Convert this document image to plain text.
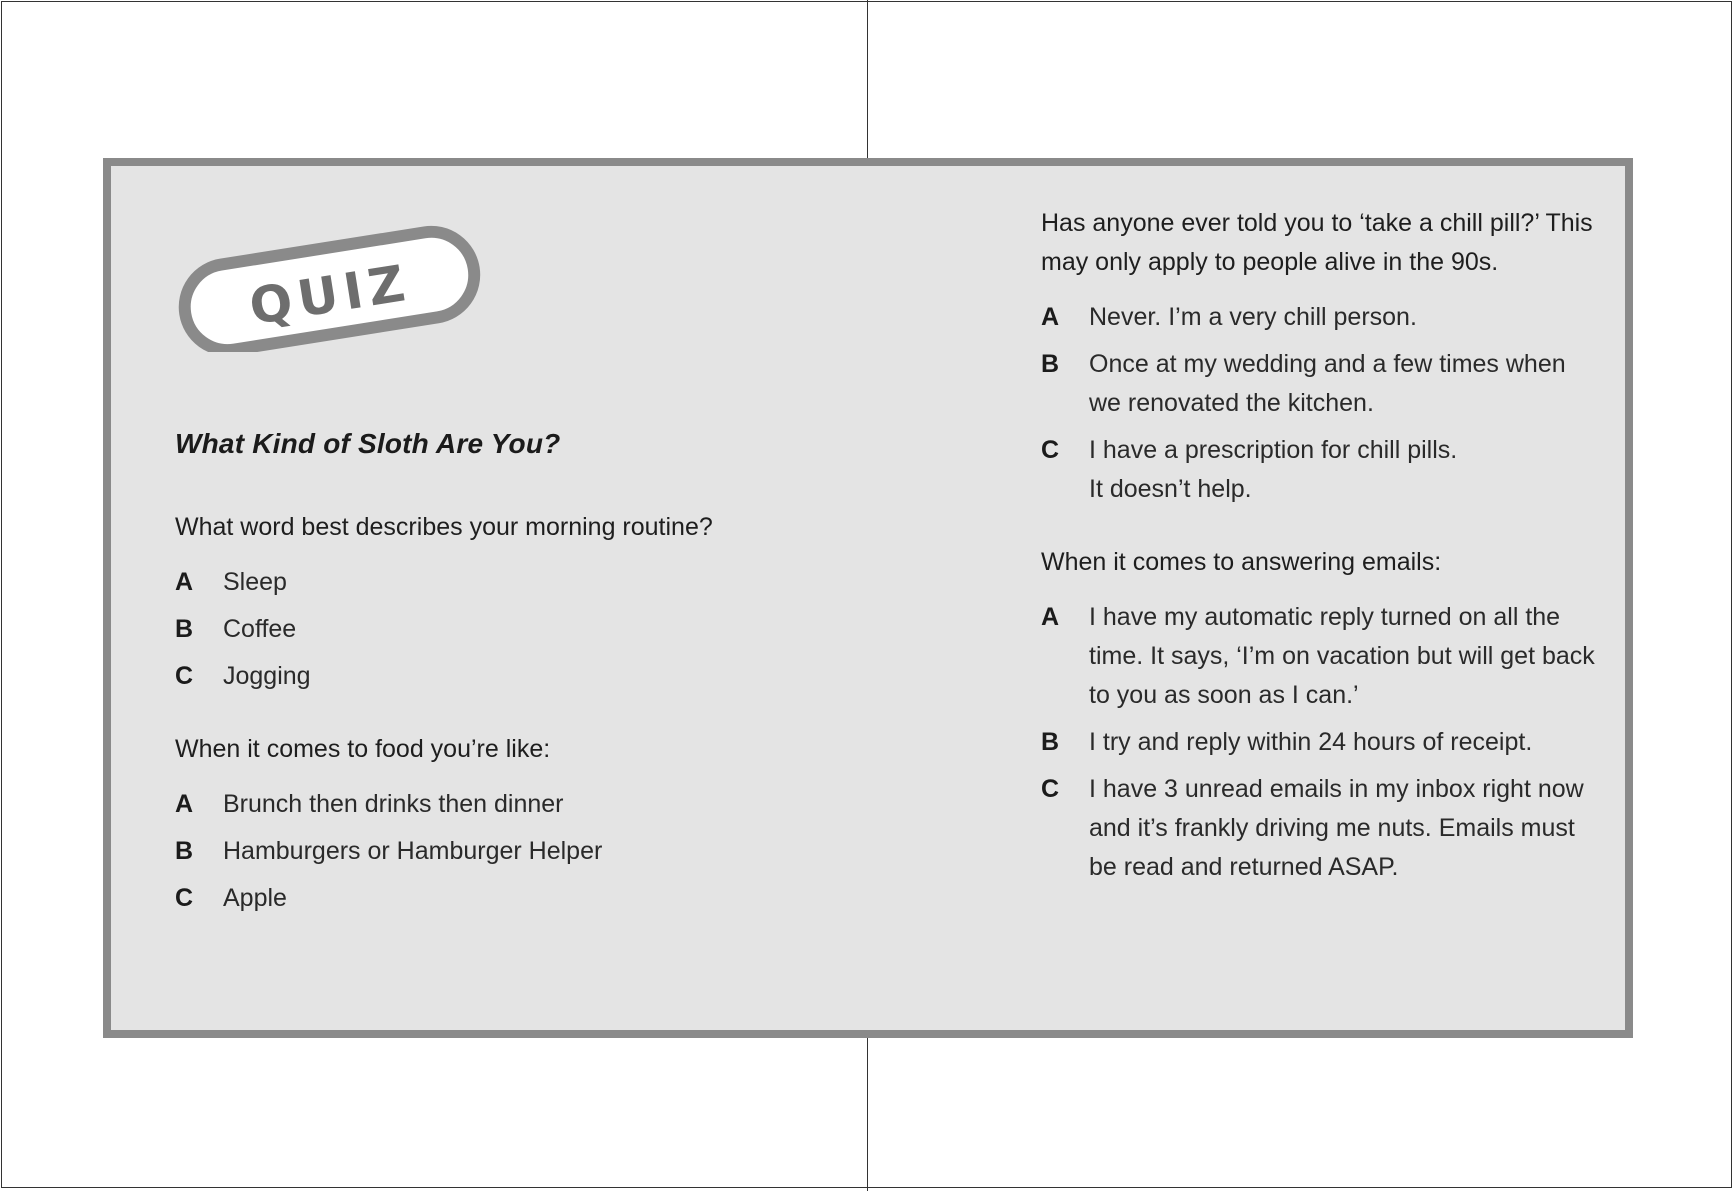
QUIZ
What Kind of Sloth Are You?

What word best describes your morning routine?

A	Sleep
B	Coffee
C	Jogging

When it comes to food you’re like:

A	Brunch then drinks then dinner
B	Hamburgers or Hamburger Helper
C	Apple

Has anyone ever told you to ‘take a chill pill?’ This may only apply to people alive in the 90s.

A	Never. I’m a very chill person.
B	Once at my wedding and a few times when we renovated the kitchen.
C	I have a prescription for chill pills.
It doesn’t help.

When it comes to answering emails:

A	I have my automatic reply turned on all the time. It says, ‘I’m on vacation but will get back to you as soon as I can.’
B	I try and reply within 24 hours of receipt.
C	I have 3 unread emails in my inbox right now and it’s frankly driving me nuts. Emails must be read and returned ASAP.
